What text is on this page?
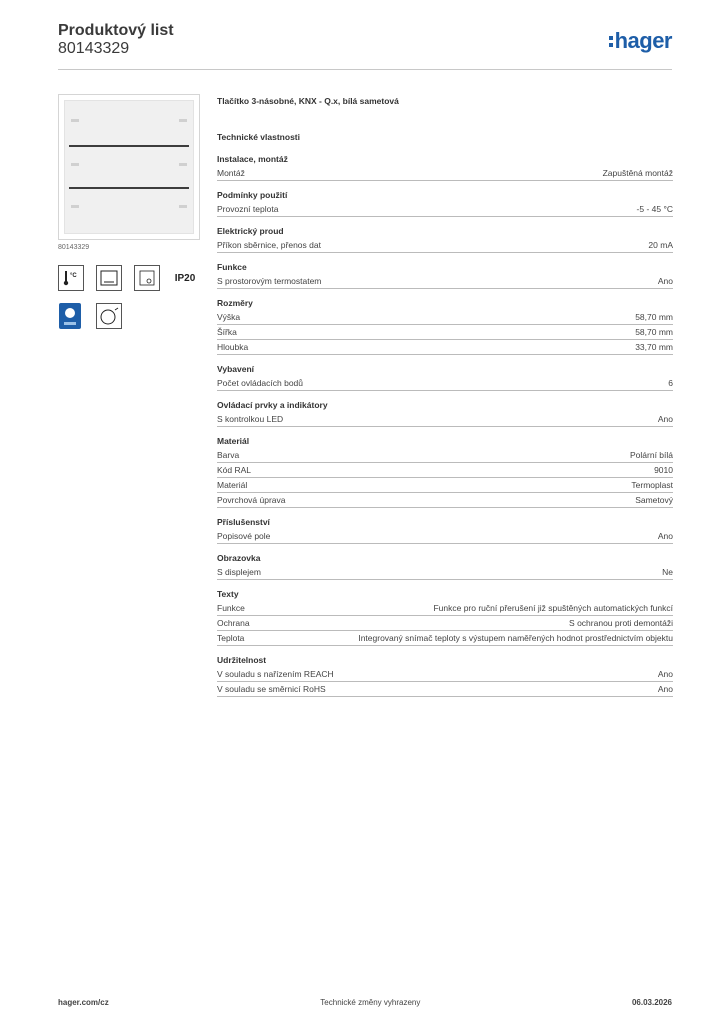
Produktový list
80143329	hager
80143329
°C	IP20
Tlačítko 3-násobné, KNX - Q.x, bílá sametová
Technické vlastnosti
Instalace, montáž
Montáž	Zapuštěná montáž
Podmínky použití
Provozní teplota	-5 - 45 °C
Elektrický proud
Příkon sběrnice, přenos dat	20 mA
Funkce
S prostorovým termostatem	Ano
Rozměry
Výška	58,70 mm
Šířka	58,70 mm
Hloubka	33,70 mm
Vybavení
Počet ovládacích bodů	6
Ovládací prvky a indikátory
S kontrolkou LED	Ano
Materiál
Barva	Polární bílá
Kód RAL	9010
Materiál	Termoplast
Povrchová úprava	Sametový
Příslušenství
Popisové pole	Ano
Obrazovka
S displejem	Ne
Texty
Funkce	Funkce pro ruční přerušení již spuštěných automatických funkcí
Ochrana	S ochranou proti demontáži
Teplota	Integrovaný snímač teploty s výstupem naměřených hodnot prostřednictvím objektu
Udržitelnost
V souladu s nařízením REACH	Ano
V souladu se směrnicí RoHS	Ano
hager.com/cz	Technické změny vyhrazeny	06.03.2026
